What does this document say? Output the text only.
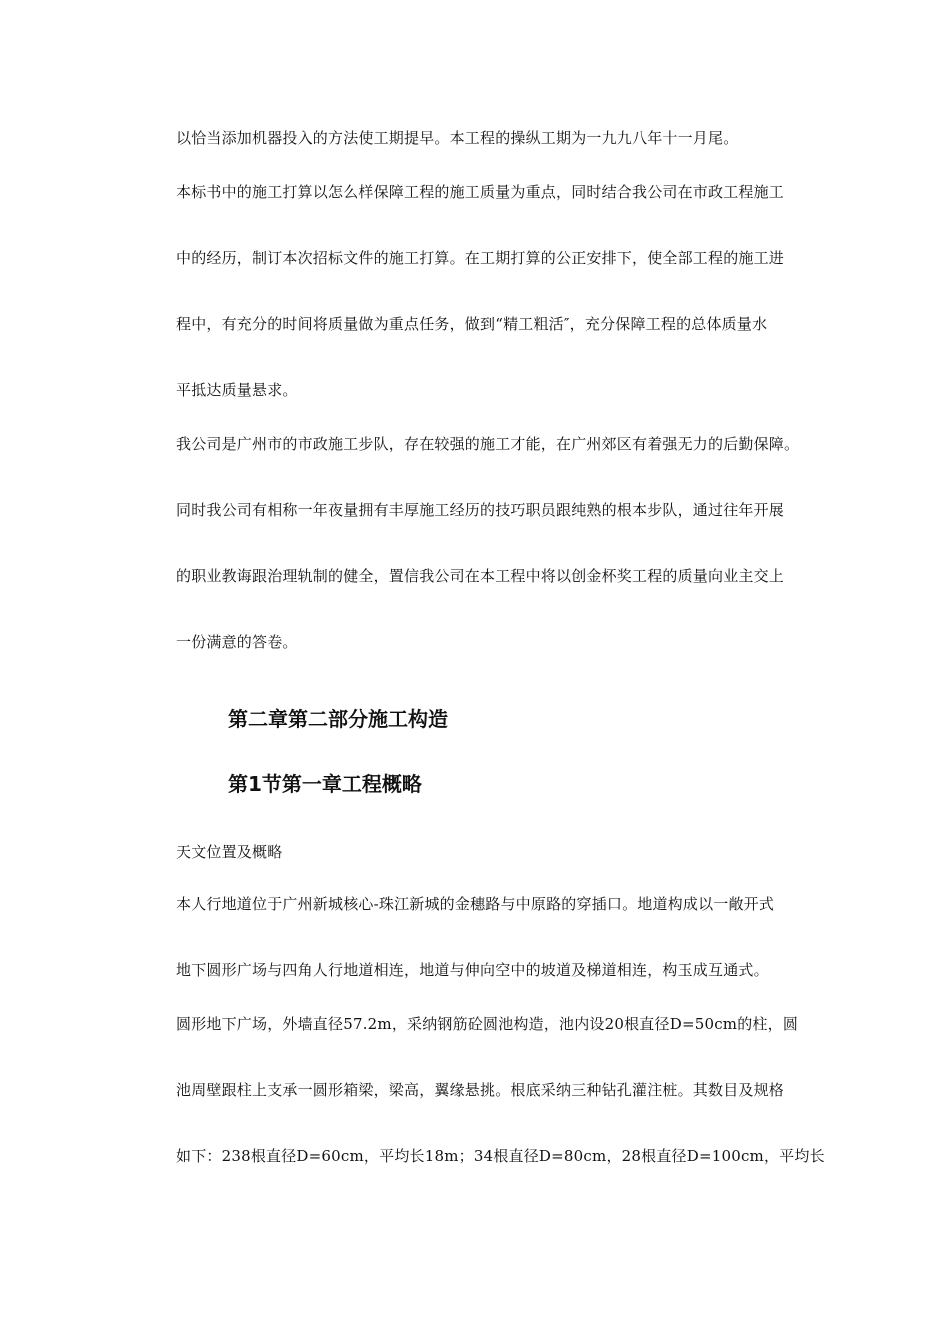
以恰当添加机器投入的方法使工期提早。本工程的操纵工期为一九九八年十一月尾。
本标书中的施工打算以怎么样保障工程的施工质量为重点，同时结合我公司在市政工程施工
中的经历，制订本次招标文件的施工打算。在工期打算的公正安排下，使全部工程的施工进
程中，有充分的时间将质量做为重点任务，做到“精工粗活″，充分保障工程的总体质量水
平抵达质量悬求。
我公司是广州市的市政施工步队，存在较强的施工才能，在广州郊区有着强无力的后勤保障。
同时我公司有相称一年夜量拥有丰厚施工经历的技巧职员跟纯熟的根本步队，通过往年开展
的职业教诲跟治理轨制的健全，置信我公司在本工程中将以创金杯奖工程的质量向业主交上
一份满意的答卷。
第二章第二部分施工构造
第1节第一章工程概略
天文位置及概略
本人行地道位于广州新城核心-珠江新城的金穗路与中原路的穿插口。地道构成以一敞开式
地下圆形广场与四角人行地道相连，地道与伸向空中的坡道及梯道相连，构玉成互通式。
圆形地下广场，外墙直径57.2m，采纳钢筋砼圆池构造，池内设20根直径D=50cm的柱，圆
池周壁跟柱上支承一圆形箱梁，梁高，翼缘悬挑。根底采纳三种钻孔灌注桩。其数目及规格
如下：238根直径D=60cm，平均长18m；34根直径D=80cm，28根直径D=100cm，平均长
